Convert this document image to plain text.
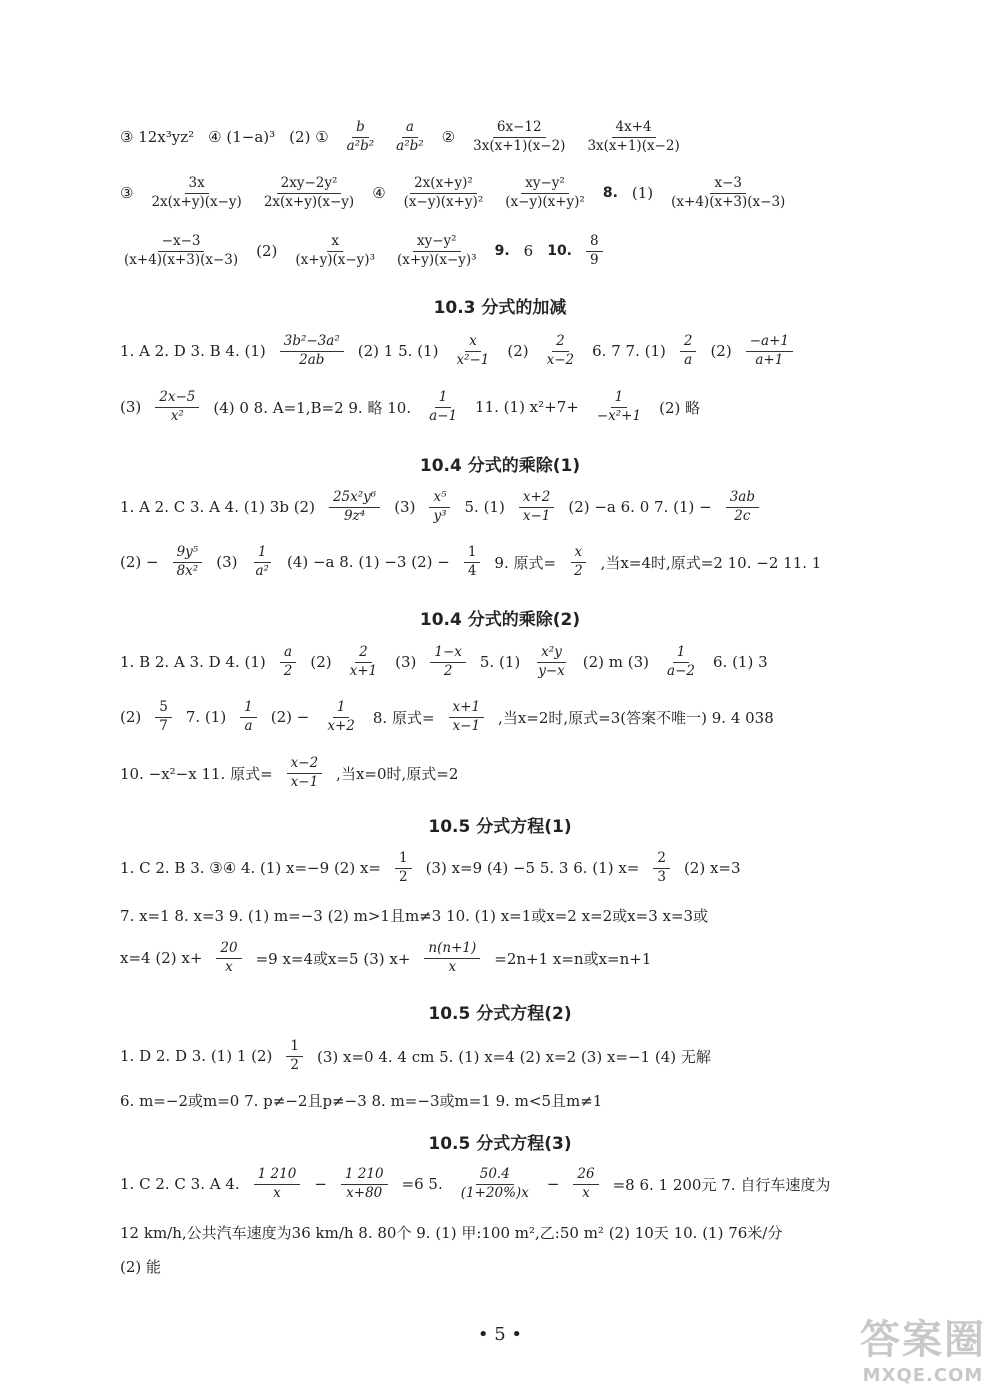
③ 12x³yz² ④ (1−a)³ (2) ① $\frac{b}{\text{a²b²}} \frac{a}{\text{a²b²}}$ ② $\frac{6x-12}{3x(x+1)(x-2)} \frac{4x+4}{3x(x+1)(x-2)}$
③ $\frac{3x}{2x(x+y)(x-y)} \frac{\text{2xy−2y²}}{2x(x+y)(x-y)}$ ④ $\frac{\text{2x(x+y)²}}{\text{(x−y)(x+y)²}} \frac{\text{xy−y²}}{\text{(x−y)(x+y)²}} 8$. $(1) \frac{x-3}{(x+4)(x+3)(x-3)}$
$\frac{-x-3}{(x+4)(x+3)(x-3)} (2) \frac{x}{\text{(x+y)(x−y)³}} \frac{\text{xy−y²}}{\text{(x+y)(x−y)³}} 9$. 6 10. $\frac{8}{9}$
10.3 分式的加减
1. A 2. D 3. B 4. $(1) \frac{\text{3b²−3a²}}{2ab} (2)$ 1 5. $(1) \frac{x}{\text{x²−1}} (2) \frac{2}{x-2} 6$. 7 7. $(1) \frac{2}{a} (2) \frac{-a+1}{a+1}$
$(3) \frac{2x-5}{\text{x²}} (4)$ 0 8. A=1,B=2 9. 略 10. $\frac{1}{a-1} 11$. (1) $x^2+7+ \frac{1}{\text{−x²+1}} (2)$ 略
10.4 分式的乘除(1)
1. A 2. C 3. A 4. (1) 3b $(2) \frac{\text{25x²y⁶}}{\text{9z⁴}} (3) \frac{\text{x⁵}}{\text{y³}} 5$. $(1) \frac{x+2}{x-1} (2) -a$ 6. 0 7. $(1) - \frac{3ab}{2c}$
$(2) - \frac{\text{9y⁵}}{\text{8x²}} (3) \frac{1}{\text{a²}} (4) -a$ 8. (1) −3 $(2) - \frac{1}{4} 9$. 原式= $\frac{x}{2}$ ,当x=4时,原式=2 10. −2 11. 1
10.4 分式的乘除(2)
1. B 2. A 3. D 4. $(1) \frac{a}{2} (2) \frac{2}{x+1} (3) \frac{1-x}{2} 5$. $(1) \frac{\text{x²y}}{y-x} (2)$ m $(3) \frac{1}{a-2} 6$. (1) 3
$(2) \frac{5}{7} 7$. $(1) \frac{1}{a} (2) - \frac{1}{x+2} 8$. 原式= $\frac{x+1}{x-1}$ ,当x=2时,原式=3(答案不唯一) 9. 4 038
10. −x²−x 11. 原式= $\frac{x-2}{x-1}$ ,当x=0时,原式=2
10.5 分式方程(1)
1. C 2. B 3. ③④ 4. (1) x=−9 (2) $x= \frac{1}{2} (3)$ x=9 (4) −5 5. 3 6. (1) $x= \frac{2}{3} (2)$ x=3
7. x=1 8. x=3 9. (1) m=−3 (2) m>1且m≠3 10. (1) x=1或x=2 x=2或x=3 x=3或
x=4 (2) $x+ \frac{20}{x} =9$ x=4或x=5 (3) $x+ \frac{n(n+1)}{x} =2n+1$ x=n或x=n+1
10.5 分式方程(2)
1. D 2. D 3. (1) 1 $(2) \frac{1}{2} (3)$ x=0 4. 4 cm 5. (1) x=4 (2) x=2 (3) x=−1 (4) 无解
6. m=−2或m=0 7. p≠−2且p≠−3 8. m=−3或m=1 9. m<5且m≠1
10.5 分式方程(3)
1. C 2. C 3. A 4. $\frac{1 210}{x} - \frac{1 210}{x+80} =6$ 5. $\frac{50.4}{(1+20\%)x} - \frac{26}{x} =8$ 6. 1 200元 7. 自行车速度为
12 km/h,公共汽车速度为36 km/h 8. 80个 9. (1) 甲:100 m²,乙:50 m² (2) 10天 10. (1) 76米/分
(2) 能
• 5 •	答案圈
MXQE.COM
